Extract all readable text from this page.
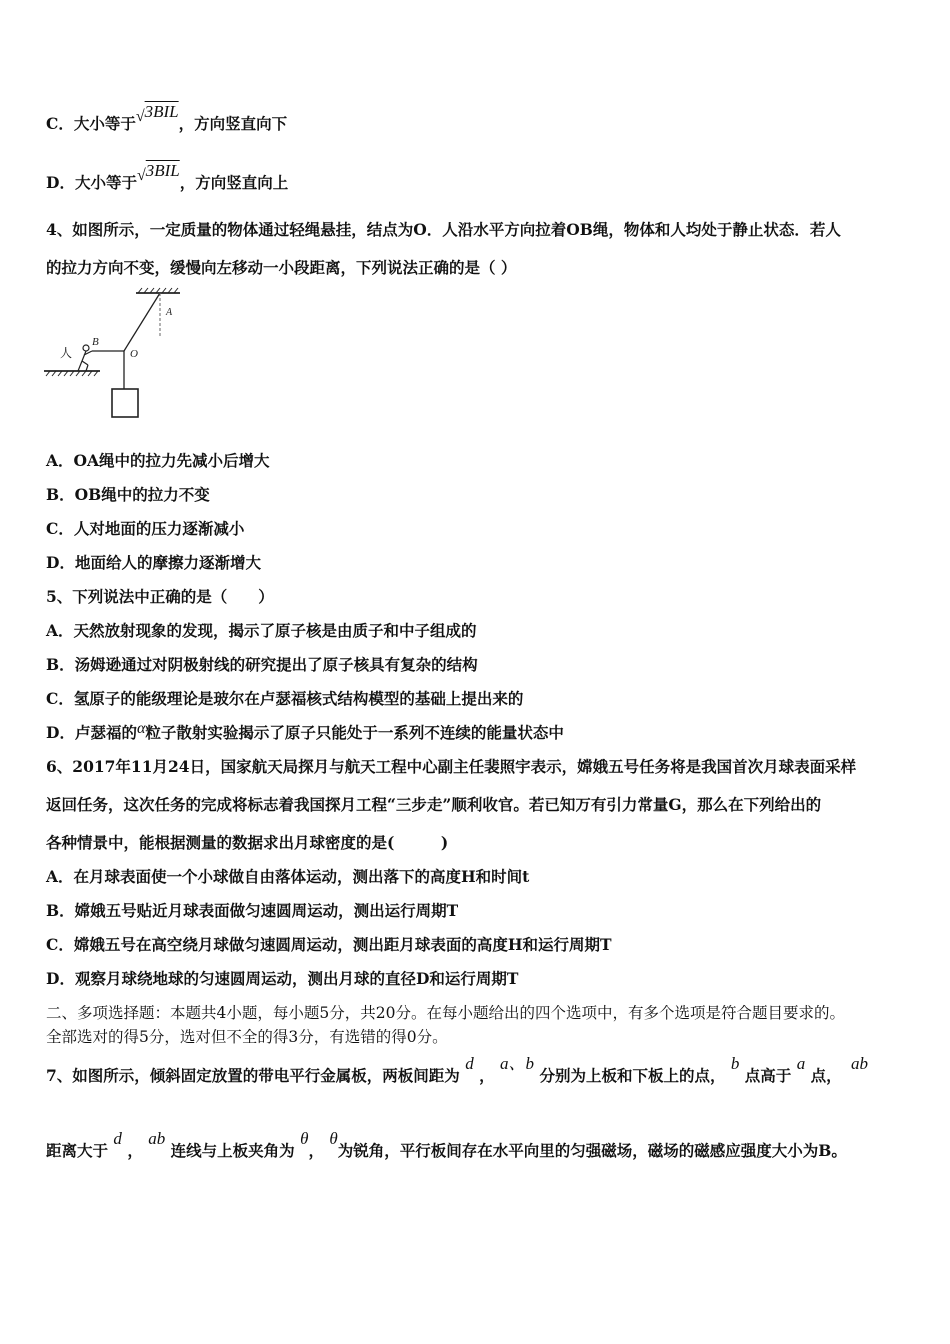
C．大小等于√3BIL，方向竖直向下
D．大小等于√3BIL，方向竖直向上
4、如图所示，一定质量的物体通过轻绳悬挂，结点为O．人沿水平方向拉着OB绳，物体和人均处于静止状态．若人
的拉力方向不变，缓慢向左移动一小段距离，下列说法正确的是（ ）
人
B
O
A
A．OA绳中的拉力先减小后增大
B．OB绳中的拉力不变
C．人对地面的压力逐渐减小
D．地面给人的摩擦力逐渐增大
5、下列说法中正确的是（　　）
A．天然放射现象的发现，揭示了原子核是由质子和中子组成的
B．汤姆逊通过对阴极射线的研究提出了原子核具有复杂的结构
C．氢原子的能级理论是玻尔在卢瑟福核式结构模型的基础上提出来的
D．卢瑟福的α粒子散射实验揭示了原子只能处于一系列不连续的能量状态中
6、2017年11月24日，国家航天局探月与航天工程中心副主任裴照宇表示，嫦娥五号任务将是我国首次月球表面采样
返回任务，这次任务的完成将标志着我国探月工程“三步走”顺利收官。若已知万有引力常量G，那么在下列给出的
各种情景中，能根据测量的数据求出月球密度的是(　　　)
A．在月球表面使一个小球做自由落体运动，测出落下的高度H和时间t
B．嫦娥五号贴近月球表面做匀速圆周运动，测出运行周期T
C．嫦娥五号在高空绕月球做匀速圆周运动，测出距月球表面的高度H和运行周期T
D．观察月球绕地球的匀速圆周运动，测出月球的直径D和运行周期T
二、多项选择题：本题共4小题，每小题5分，共20分。在每小题给出的四个选项中，有多个选项是符合题目要求的。
全部选对的得5分，选对但不全的得3分，有选错的得0分。
7、如图所示，倾斜固定放置的带电平行金属板，两板间距为 d ， a、b 分别为上板和下板上的点， b 点高于 a 点， ab
距离大于 d ， ab 连线与上板夹角为 θ， θ为锐角，平行板间存在水平向里的匀强磁场，磁场的磁感应强度大小为B。
